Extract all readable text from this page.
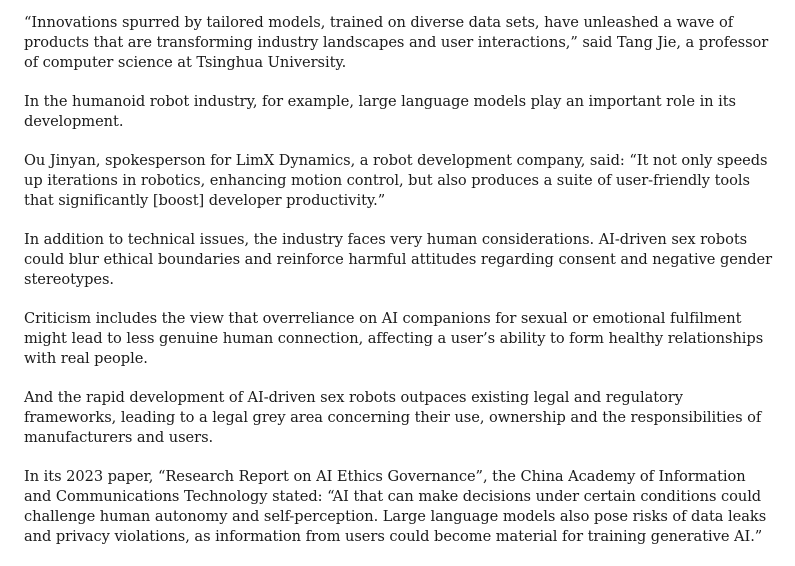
“Innovations spurred by tailored models, trained on diverse data sets, have unleashed a wave of products that are transforming industry landscapes and user interactions,” said Tang Jie, a professor of computer science at Tsinghua University.

In the humanoid robot industry, for example, large language models play an important role in its development.

Ou Jinyan, spokesperson for LimX Dynamics, a robot development company, said: “It not only speeds up iterations in robotics, enhancing motion control, but also produces a suite of user-friendly tools that significantly [boost] developer productivity.”

In addition to technical issues, the industry faces very human considerations. AI-driven sex robots could blur ethical boundaries and reinforce harmful attitudes regarding consent and negative gender stereotypes.

Criticism includes the view that overreliance on AI companions for sexual or emotional fulfilment might lead to less genuine human connection, affecting a user’s ability to form healthy relationships with real people.

And the rapid development of AI-driven sex robots outpaces existing legal and regulatory frameworks, leading to a legal grey area concerning their use, ownership and the responsibilities of manufacturers and users.

In its 2023 paper, “Research Report on AI Ethics Governance”, the China Academy of Information and Communications Technology stated: “AI that can make decisions under certain conditions could challenge human autonomy and self-perception. Large language models also pose risks of data leaks and privacy violations, as information from users could become material for training generative AI.”
